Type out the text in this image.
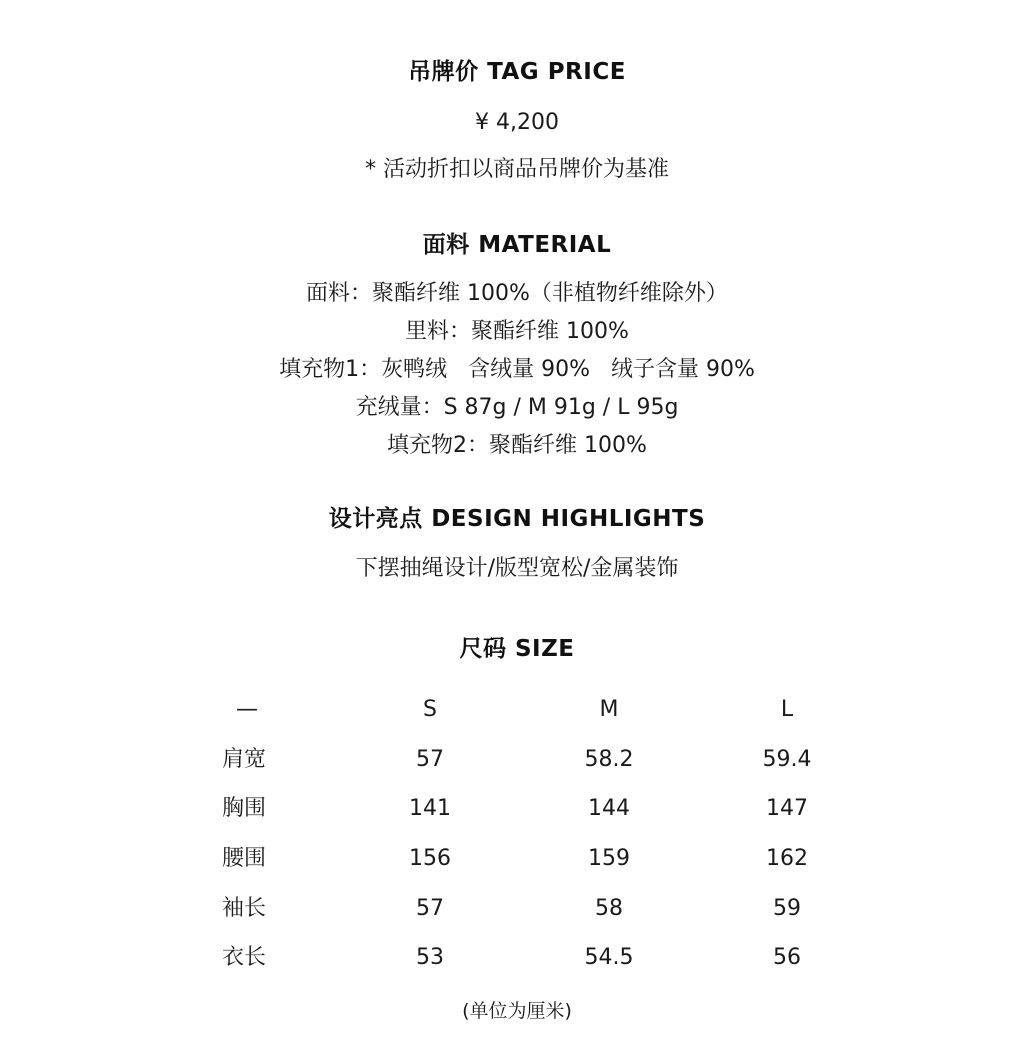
吊牌价 TAG PRICE
¥ 4,200
* 活动折扣以商品吊牌价为基准
面料 MATERIAL
面料：聚酯纤维 100%（非植物纤维除外）
里料：聚酯纤维 100%
填充物1：灰鸭绒   含绒量 90%   绒子含量 90%
充绒量：S 87g / M 91g / L 95g
填充物2：聚酯纤维 100%
设计亮点 DESIGN HIGHLIGHTS
下摆抽绳设计/版型宽松/金属装饰
尺码 SIZE
—	S	M	L
肩宽	57	58.2	59.4
胸围	141	144	147
腰围	156	159	162
袖长	57	58	59
衣长	53	54.5	56
(单位为厘米)
